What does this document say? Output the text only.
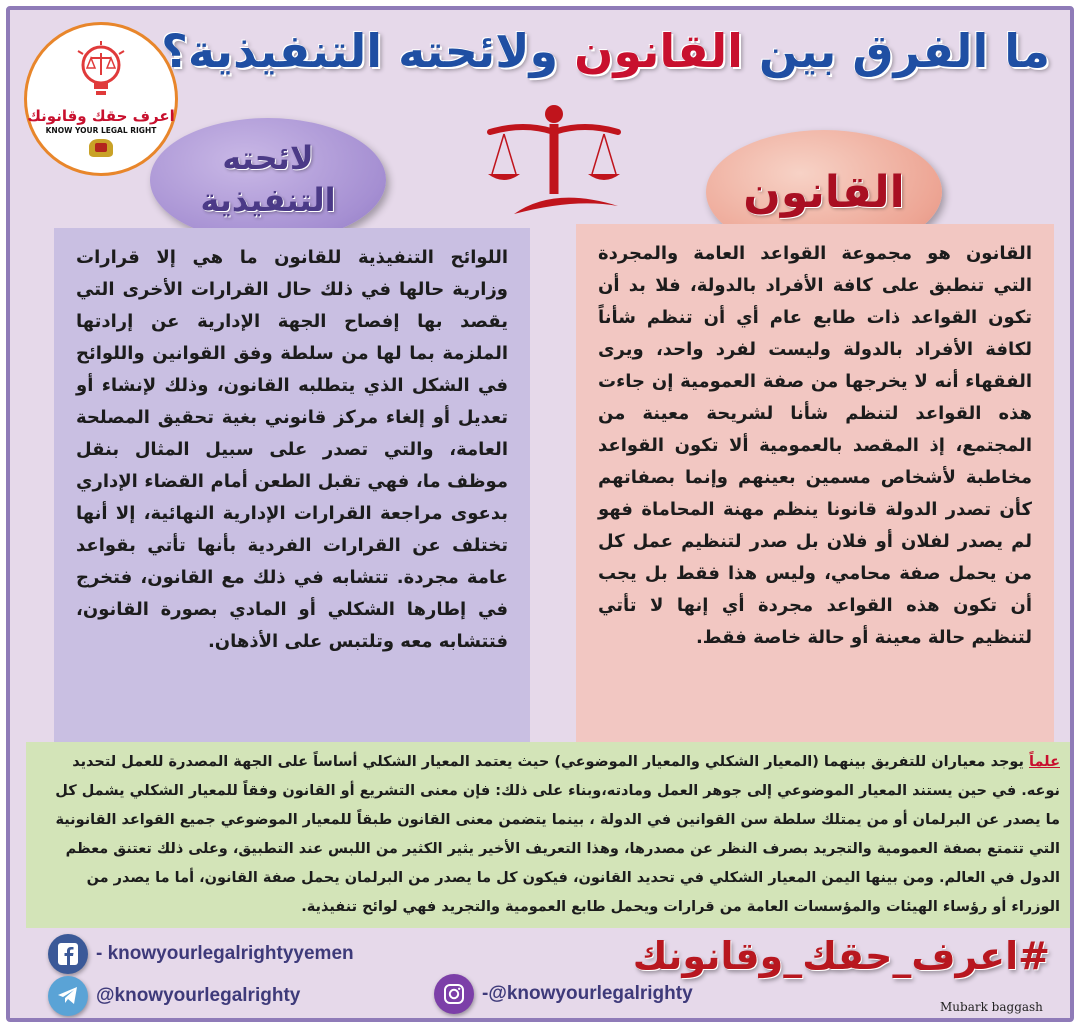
اعرف حقك وقانونك
KNOW YOUR LEGAL RIGHT
ما الفرق بين القانون ولائحته التنفيذية؟
لائحته التنفيذية	القانون
اللوائح التنفيذية للقانون ما هي إلا قرارات وزارية حالها في ذلك حال القرارات الأخرى التي يقصد بها إفصاح الجهة الإدارية عن إرادتها الملزمة بما لها من سلطة وفق القوانين واللوائح في الشكل الذي يتطلبه القانون، وذلك لإنشاء أو تعديل أو إلغاء مركز قانوني بغية تحقيق المصلحة العامة، والتي تصدر على سبيل المثال بنقل موظف ما، فهي تقبل الطعن أمام القضاء الإداري بدعوى مراجعة القرارات الإدارية النهائية، إلا أنها تختلف عن القرارات الفردية بأنها تأتي بقواعد عامة مجردة. تتشابه في ذلك مع القانون، فتخرج في إطارها الشكلي أو المادي بصورة القانون، فتتشابه معه وتلتبس على الأذهان.
القانون هو مجموعة القواعد العامة والمجردة التي تنطبق على كافة الأفراد بالدولة، فلا بد أن تكون القواعد ذات طابع عام أي أن تنظم شأناً لكافة الأفراد بالدولة وليست لفرد واحد، ويرى الفقهاء أنه لا يخرجها من صفة العمومية إن جاءت هذه القواعد لتنظم شأنا لشريحة معينة من المجتمع، إذ المقصد بالعمومية ألا تكون القواعد مخاطبة لأشخاص مسمين بعينهم وإنما بصفاتهم كأن تصدر الدولة قانونا ينظم مهنة المحاماة فهو لم يصدر لفلان أو فلان بل صدر لتنظيم عمل كل من يحمل صفة محامي، وليس هذا فقط بل يجب أن تكون هذه القواعد مجردة أي إنها لا تأتي لتنظيم حالة معينة أو حالة خاصة فقط.
علماً يوجد معياران للتفريق بينهما (المعيار الشكلي والمعيار الموضوعي) حيث يعتمد المعيار الشكلي أساساً على الجهة المصدرة للعمل لتحديد نوعه. في حين يستند المعيار الموضوعي إلى جوهر العمل ومادته،وبناء على ذلك: فإن معنى التشريع أو القانون وفقاً للمعيار الشكلي يشمل كل ما يصدر عن البرلمان أو من يمتلك سلطة سن القوانين في الدولة ، بينما يتضمن معنى القانون طبقاً للمعيار الموضوعي جميع القواعد القانونية التي تتمتع بصفة العمومية والتجريد بصرف النظر عن مصدرها، وهذا التعريف الأخير يثير الكثير من اللبس عند التطبيق، وعلى ذلك تعتنق معظم الدول في العالم. ومن بينها اليمن المعيار الشكلي في تحديد القانون، فيكون كل ما يصدر من البرلمان يحمل صفة القانون، أما ما يصدر من الوزراء أو رؤساء الهيئات والمؤسسات العامة من قرارات ويحمل طابع العمومية والتجريد فهي لوائح تنفيذية.
- knowyourlegalrightyyemen
@knowyourlegalrighty	-@knowyourlegalrighty
#اعرف_حقك_وقانونك
Mubark baggash
